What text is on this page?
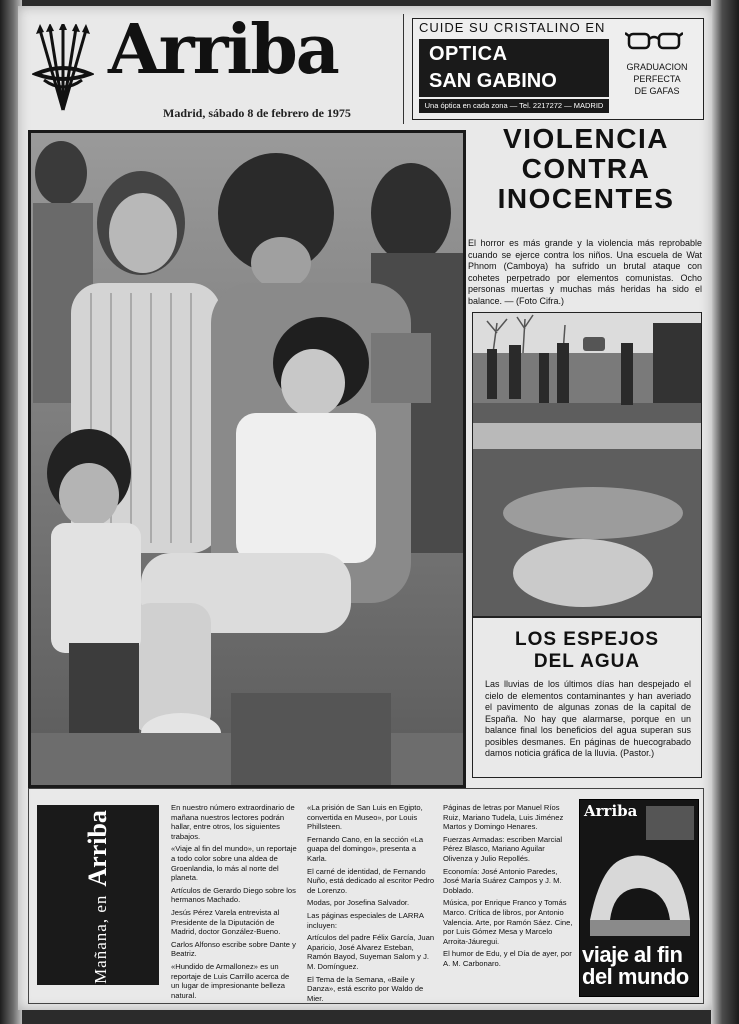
Arriba
Madrid, sábado 8 de febrero de 1975
CUIDE SU CRISTALINO EN
OPTICA
SAN GABINO
Una óptica en cada zona — Tel. 2217272 — MADRID
GRADUACION
PERFECTA
DE GAFAS
VIOLENCIA
CONTRA
INOCENTES
El horror es más grande y la violencia más reprobable cuando se ejerce contra los niños. Una escuela de Wat Phnom (Camboya) ha sufrido un brutal ataque con cohetes perpetrado por elementos comunistas. Ocho personas muertas y muchas más heridas ha sido el balance. — (Foto Cifra.)
LOS ESPEJOS
DEL AGUA
Las lluvias de los últimos días han despejado el cielo de elementos contaminantes y han averiado el pavimento de algunas zonas de la capital de España. No hay que alarmarse, porque en un balance final los beneficios del agua superan sus posibles desmanes. En páginas de huecograbado damos noticia gráfica de la lluvia. (Pastor.)
Mañana, enArriba

En nuestro número extraordinario de mañana nuestros lectores podrán hallar, entre otros, los siguientes trabajos.

«Viaje al fin del mundo», un reportaje a todo color sobre una aldea de Groenlandia, lo más al norte del planeta.

Artículos de Gerardo Diego sobre los hermanos Machado.

Jesús Pérez Varela entrevista al Presidente de la Diputación de Madrid, doctor González-Bueno.

Carlos Alfonso escribe sobre Dante y Beatriz.

«Hundido de Armallonez» es un reportaje de Luis Carrillo acerca de un lugar de impresionante belleza natural.

«La prisión de San Luis en Egipto, convertida en Museo», por Louis Phillsteen.

Fernando Cano, en la sección «La guapa del domingo», presenta a Karla.

El carné de identidad, de Fernando Nuño, está dedicado al escritor Pedro de Lorenzo.

Modas, por Josefina Salvador.

Las páginas especiales de LARRA incluyen:

Artículos del padre Félix García, Juan Aparicio, José Alvarez Esteban, Ramón Bayod, Suyeman Salom y J. M. Domínguez.

El Tema de la Semana, «Baile y Danza», está escrito por Waldo de Mier.

Páginas de letras por Manuel Ríos Ruiz, Mariano Tudela, Luis Jiménez Martos y Domingo Henares.

Fuerzas Armadas: escriben Marcial Pérez Blasco, Mariano Aguilar Olivenza y Julio Repollés.

Economía: José Antonio Paredes, José María Suárez Campos y J. M. Doblado.

Música, por Enrique Franco y Tomás Marco. Crítica de libros, por Antonio Valencia. Arte, por Ramón Sáez. Cine, por Luis Gómez Mesa y Marcelo Arroita-Jáuregui.

El humor de Edu, y el Día de ayer, por A. M. Carbonaro.

Arriba
viaje al fin
del mundo
